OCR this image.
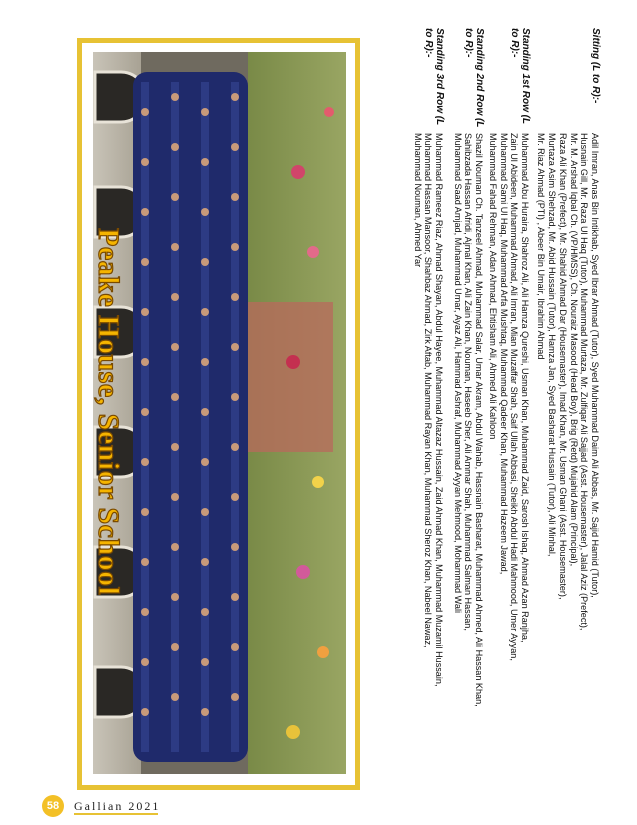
Peake House, Senior School
Sitting (L to R):-
Adil Imran, Anas Bin Intikhab, Syed Ibrar Ahmad (Tutor), Syed Muhammad Daim Ali Abbas, Mr. Sajid Hamid (Tutor),
Husnain Gill, Mr. Raza Ul Haq (Tutor), Muhammad Murtaza, Mr. Zulfiqar Ali Sajjad (Asst. Housemaster), Jalal Aziz (Prefect),
Mr. M. Arshad Iqbal Ch. (VP/HMSS), Ch. Nouraiz Masood (Head Boy), Brig (Retd) Mujahid Alam (Principal),
Raza Ali Khan (Prefect), Mr. Shahid Ahmad Dar (Housemaster), Imad Khan, Mr. Usman Ghani (Asst. Housemaster),
Murtaza Asim Shehzad, Mr. Abid Hussain (Tutor), Hamza Jan, Syed Basharat Hussain (Tutor), Ali Minhal,
Mr. Riaz Ahmad (PTI) , Abeer Bin Umair, Ibrahim Ahmad
Standing 1st Row (L to R):-
Muhammad Abu Huraira, Shahroz Ali, Ali Hamza Qureshi, Usman Khan, Muhammad Zaid, Sarosh Ishaq, Ahmad Azan Ranjha,
Zain Ul Abideen, Muhammad Ahmad, Ali Imran, Mian Muzaffar Shah, Saif Ullah Abbasi, Sheikh Abdul Hadi Mahmood, Umer Ayyan,
Muhammad Sami Ul Haq, Muhammad Arfa Mushtaq, Muhammad Qadeer Khan, Muhammad Hazeem Jawad,
Muhammad Fahad Rehman, Adan Ahmad, Ehtisham Ali, Ahmed Ali Kahloon
Standing 2nd Row (L to R):-
Shazil Nouman Ch. Tanzeel Ahmad, Muhammad Salar, Umar Akram, Abdul Wahab, Hassnain Basharat, Muhammad Ahmed, Ali Hassan Khan,
Sahibzada Hassan Afridi, Ajmal Khan, Ali Zain Khan, Nouman, Haseeb Sher, Ali Ammar Shah, Muhammad Salman Hassan,
Muhammad Saad Amjad, Muhammad Umar, Ayaz Ali, Hammad Ashraf, Muhammad Ayyan Mehmood, Mohammad Wali
Standing 3rd Row (L to R):-
Muhammad Rameez Riaz, Ahmad Shayan, Abdul Hayee, Muhammad Altazaz Hussain, Zaid Ahmad Khan, Muhammad Muzamil Hussain,
Muhammad Hassan Mansoor, Shahbaz Ahmad, Zirk Aftab, Muhammad Rayan Khan, Muhammad Sheroz Khan, Nabeel Nawaz,
Muhammad Nouman, Ahmed Yar
58	Gallian 2021
